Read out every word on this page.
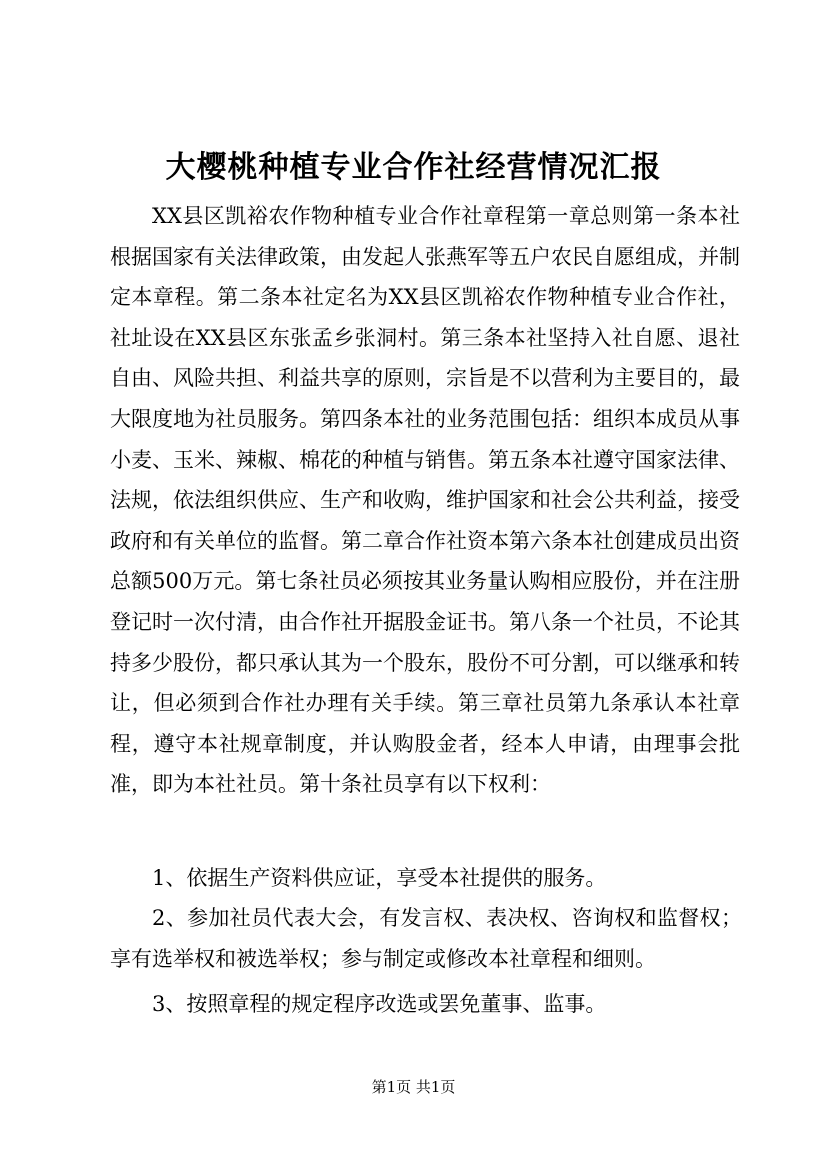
大樱桃种植专业合作社经营情况汇报

XX县区凯裕农作物种植专业合作社章程第一章总则第一条本社根据国家有关法律政策，由发起人张燕军等五户农民自愿组成，并制定本章程。第二条本社定名为XX县区凯裕农作物种植专业合作社，社址设在XX县区东张孟乡张洞村。第三条本社坚持入社自愿、退社自由、风险共担、利益共享的原则，宗旨是不以营利为主要目的，最大限度地为社员服务。第四条本社的业务范围包括：组织本成员从事小麦、玉米、辣椒、棉花的种植与销售。第五条本社遵守国家法律、法规，依法组织供应、生产和收购，维护国家和社会公共利益，接受政府和有关单位的监督。第二章合作社资本第六条本社创建成员出资总额500万元。第七条社员必须按其业务量认购相应股份，并在注册登记时一次付清，由合作社开据股金证书。第八条一个社员，不论其持多少股份，都只承认其为一个股东，股份不可分割，可以继承和转让，但必须到合作社办理有关手续。第三章社员第九条承认本社章程，遵守本社规章制度，并认购股金者，经本人申请，由理事会批准，即为本社社员。第十条社员享有以下权利：

1、依据生产资料供应证，享受本社提供的服务。

2、参加社员代表大会，有发言权、表决权、咨询权和监督权；享有选举权和被选举权；参与制定或修改本社章程和细则。

3、按照章程的规定程序改选或罢免董事、监事。

第1页 共1页
